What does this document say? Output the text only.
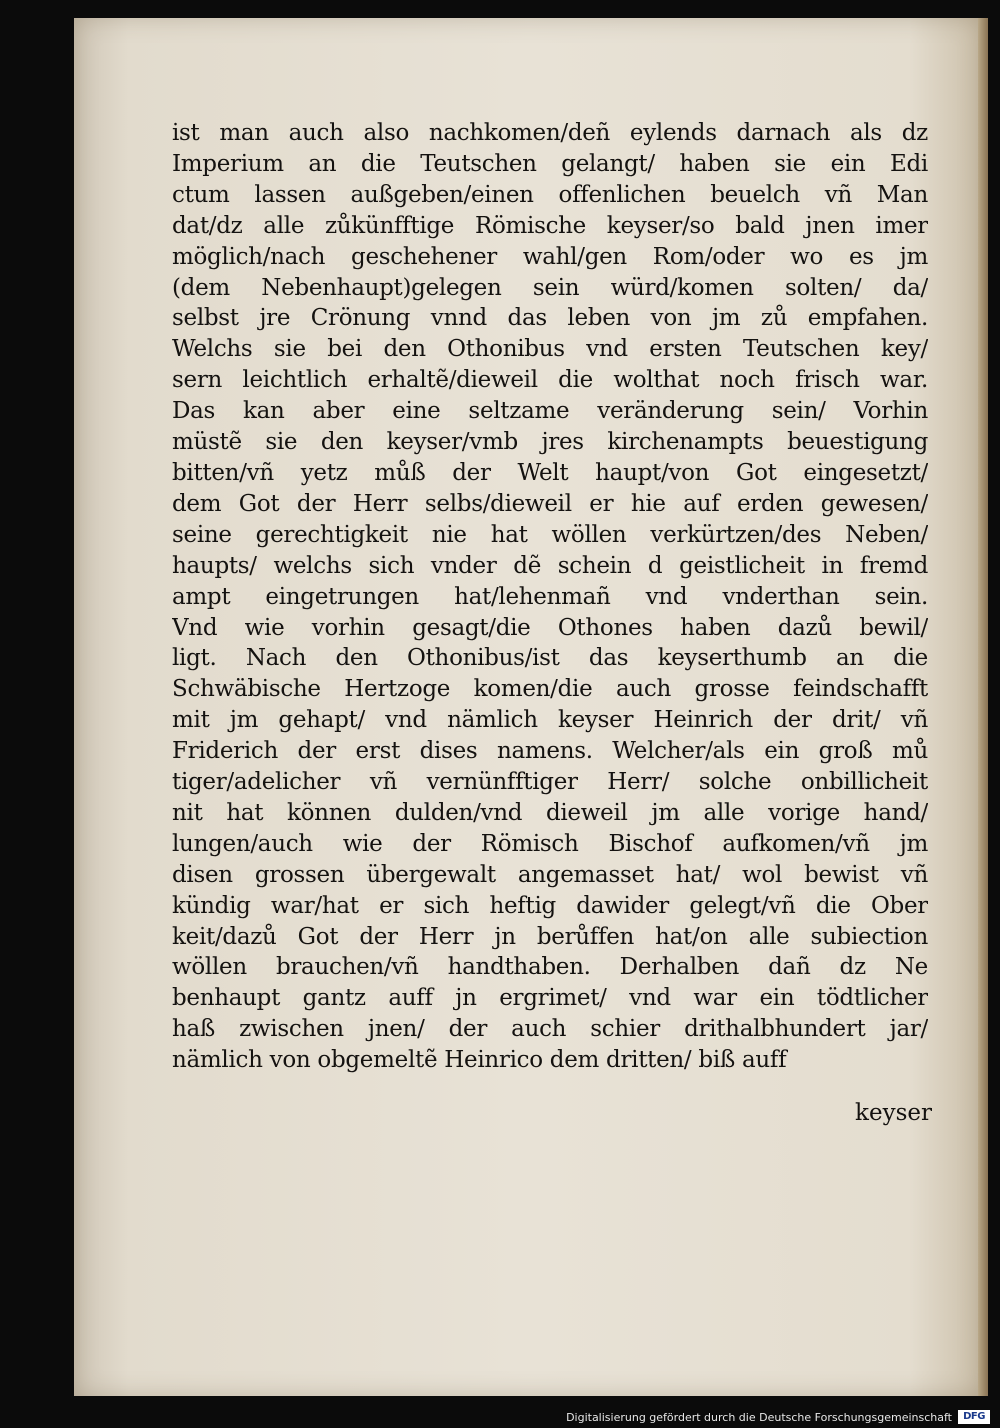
ist man auch also nachkomen/deñ eylends darnach als dz
Imperium an die Teutschen gelangt/ haben sie ein Edi
ctum lassen außgeben/einen offenlichen beuelch vñ Man
dat/dz alle zůkünfftige Römische keyser/so bald jnen imer
möglich/nach geschehener wahl/gen Rom/oder wo es jm
(dem Nebenhaupt)gelegen sein würd/komen solten/ da/
selbst jre Crönung vnnd das leben von jm zů empfahen.
Welchs sie bei den Othonibus vnd ersten Teutschen key/
sern leichtlich erhaltẽ/dieweil die wolthat noch frisch war.
Das kan aber eine seltzame veränderung sein/ Vorhin
müstẽ sie den keyser/vmb jres kirchenampts beuestigung
bitten/vñ yetz můß der Welt haupt/von Got eingesetzt/
dem Got der Herr selbs/dieweil er hie auf erden gewesen/
seine gerechtigkeit nie hat wöllen verkürtzen/des Neben/
haupts/ welchs sich vnder dẽ schein d geistlicheit in fremd
ampt eingetrungen hat/lehenmañ vnd vnderthan sein.
Vnd wie vorhin gesagt/die Othones haben dazů bewil/
ligt. Nach den Othonibus/ist das keyserthumb an die
Schwäbische Hertzoge komen/die auch grosse feindschafft
mit jm gehapt/ vnd nämlich keyser Heinrich der drit/ vñ
Friderich der erst dises namens. Welcher/als ein groß mů
tiger/adelicher vñ vernünfftiger Herr/ solche onbillicheit
nit hat können dulden/vnd dieweil jm alle vorige hand/
lungen/auch wie der Römisch Bischof aufkomen/vñ jm
disen grossen übergewalt angemasset hat/ wol bewist vñ
kündig war/hat er sich heftig dawider gelegt/vñ die Ober
keit/dazů Got der Herr jn berůffen hat/on alle subiection
wöllen brauchen/vñ handthaben. Derhalben dañ dz Ne
benhaupt gantz auff jn ergrimet/ vnd war ein tödtlicher
haß zwischen jnen/ der auch schier drithalbhundert jar/
nämlich von obgemeltẽ Heinrico dem dritten/ biß auff
keyser
Digitalisierung gefördert durch die Deutsche Forschungsgemeinschaft	DFG
